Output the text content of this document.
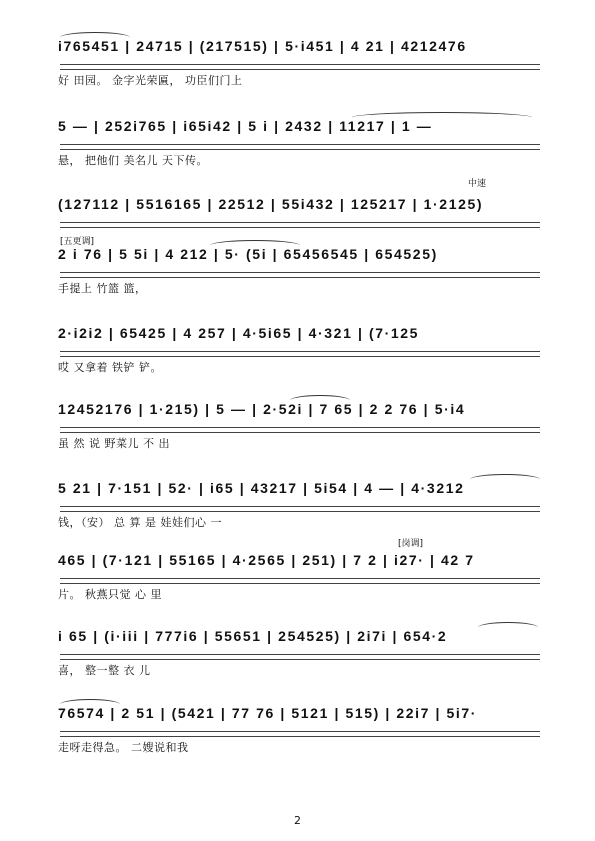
i765451 | 24715 | (217515) | 5·i451 | 4 21 | 4212476
好 田园。 金字光荣匾， 功臣们门上
5 — | 252i765 | i65i42 | 5 i | 2432 | 11217 | 1 —
悬， 把他们 美名儿 天下传。
中速
(127112 | 5516165 | 22512 | 55i432 | 125217 | 1·2125)
[五更调]
2 i 76 | 5 5i | 4 212 | 5· (5i | 65456545 | 654525)
手提上 竹篮 篮，
2·i2i2 | 65425 | 4 257 | 4·5i65 | 4·321 | (7·125
哎 又拿着 铁铲 铲。
12452176 | 1·215) | 5 — | 2·52i | 7 65 | 2 2 76 | 5·i4
虽 然 说 野菜儿 不 出
5 21 | 7·151 | 52· | i65 | 43217 | 5i54 | 4 — | 4·3212
钱，（安） 总 算 是 娃娃们心 一
[岗调]
465 | (7·121 | 55165 | 4·2565 | 251) | 7 2 | i27· | 42 7
片。 秋燕只觉 心 里
i 65 | (i·iii | 777i6 | 55651 | 254525) | 2i7i | 654·2
喜， 整一整 衣 儿
76574 | 2 51 | (5421 | 77 76 | 5121 | 515) | 22i7 | 5i7·
走呀走得急。 二嫂说和我
2
